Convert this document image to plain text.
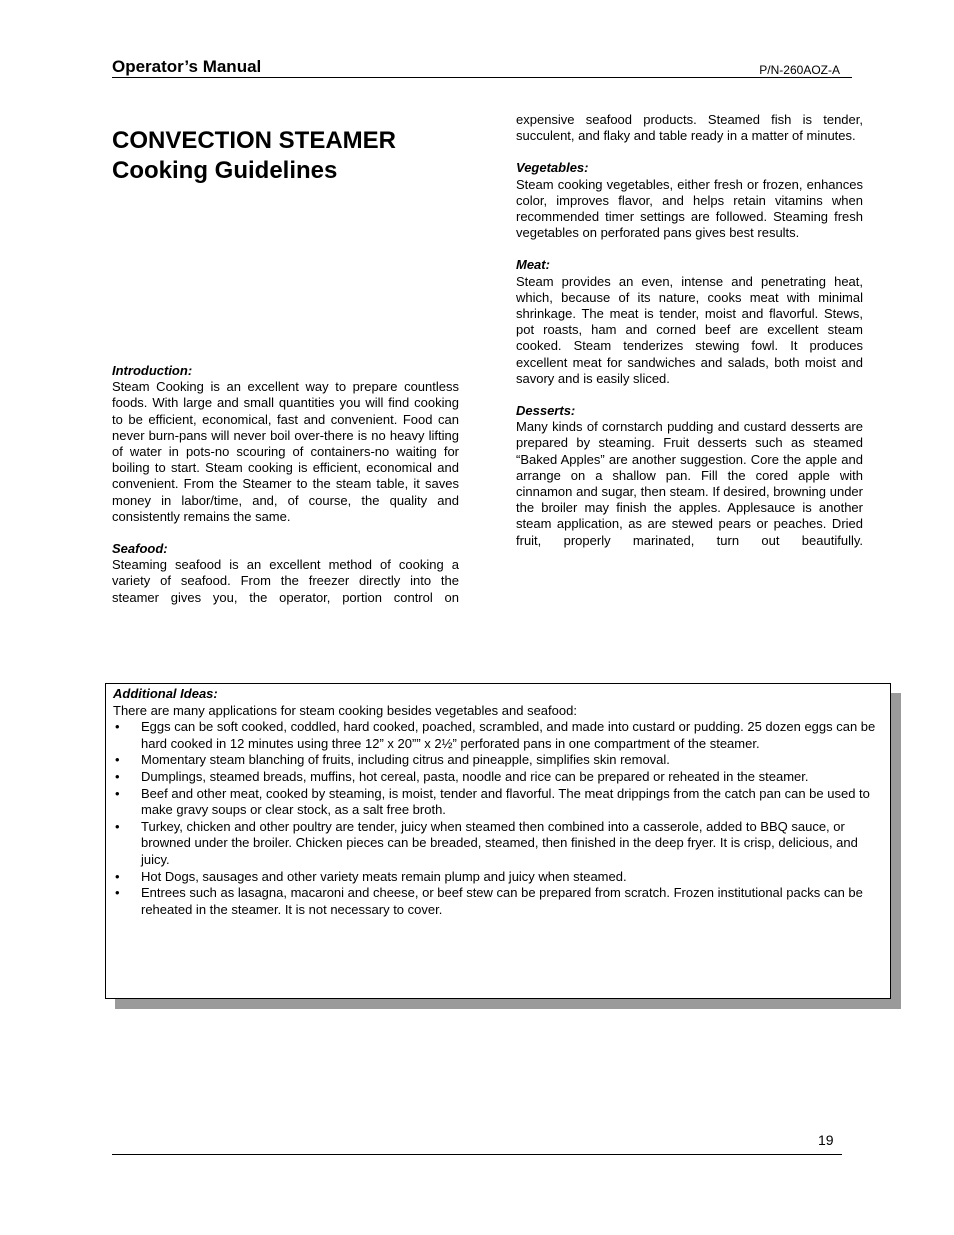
Operator’s Manual	P/N-260AOZ-A
CONVECTION STEAMER
Cooking Guidelines

Introduction:

Steam Cooking is an excellent way to prepare countless foods. With large and small quantities you will find cooking to be efficient, economical, fast and convenient. Food can never burn-pans will never boil over-there is no heavy lifting of water in pots-no scouring of containers-no waiting for boiling to start. Steam cooking is efficient, economical and convenient. From the Steamer to the steam table, it saves money in labor/time, and, of course, the quality and consistently remains the same.

Seafood:

Steaming seafood is an excellent method of cooking a variety of seafood. From the freezer directly into the steamer gives you, the operator, portion control on

expensive seafood products. Steamed fish is tender, succulent, and flaky and table ready in a matter of minutes.

Vegetables:

Steam cooking vegetables, either fresh or frozen, enhances color, improves flavor, and helps retain vitamins when recommended timer settings are followed. Steaming fresh vegetables on perforated pans gives best results.

Meat:

Steam provides an even, intense and penetrating heat, which, because of its nature, cooks meat with minimal shrinkage. The meat is tender, moist and flavorful. Stews, pot roasts, ham and corned beef are excellent steam cooked. Steam tenderizes stewing fowl. It produces excellent meat for sandwiches and salads, both moist and savory and is easily sliced.

Desserts:

Many kinds of cornstarch pudding and custard desserts are prepared by steaming. Fruit desserts such as steamed “Baked Apples” are another suggestion. Core the apple and arrange on a shallow pan. Fill the cored apple with cinnamon and sugar, then steam. If desired, browning under the broiler may finish the apples. Applesauce is another steam application, as are stewed pears or peaches. Dried fruit, properly marinated, turn out beautifully.

Additional Ideas:
There are many applications for steam cooking besides vegetables and seafood:
• Eggs can be soft cooked, coddled, hard cooked, poached, scrambled, and made into custard or pudding. 25 dozen eggs can be hard cooked in 12 minutes using three 12” x 20”” x 2½” perforated pans in one compartment of the steamer.
• Momentary steam blanching of fruits, including citrus and pineapple, simplifies skin removal.
• Dumplings, steamed breads, muffins, hot cereal, pasta, noodle and rice can be prepared or reheated in the steamer.
• Beef and other meat, cooked by steaming, is moist, tender and flavorful. The meat drippings from the catch pan can be used to make gravy soups or clear stock, as a salt free broth.
• Turkey, chicken and other poultry are tender, juicy when steamed then combined into a casserole, added to BBQ sauce, or browned under the broiler. Chicken pieces can be breaded, steamed, then finished in the deep fryer. It is crisp, delicious, and juicy.
• Hot Dogs, sausages and other variety meats remain plump and juicy when steamed.
• Entrees such as lasagna, macaroni and cheese, or beef stew can be prepared from scratch. Frozen institutional packs can be reheated in the steamer. It is not necessary to cover.
19
